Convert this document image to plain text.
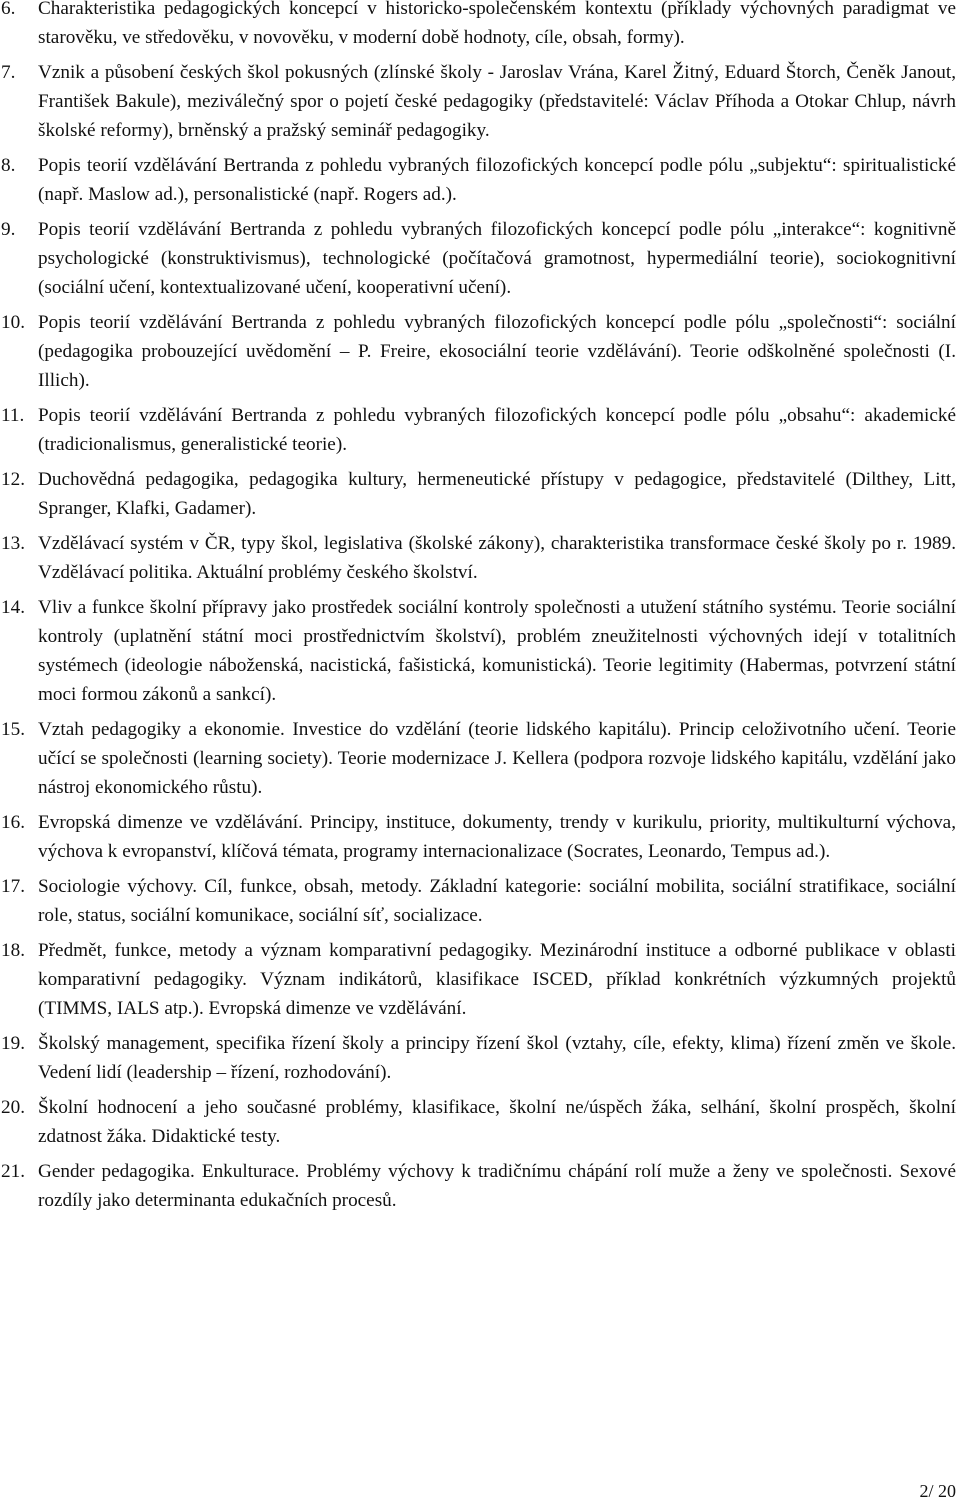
6. Charakteristika pedagogických koncepcí v historicko-společenském kontextu (příklady výchovných paradigmat ve starověku, ve středověku, v novověku, v moderní době hodnoty, cíle, obsah, formy).
7. Vznik a působení českých škol pokusných (zlínské školy - Jaroslav Vrána, Karel Žitný, Eduard Štorch, Čeněk Janout, František Bakule), meziválečný spor o pojetí české pedagogiky (představitelé: Václav Příhoda a Otokar Chlup, návrh školské reformy), brněnský a pražský seminář pedagogiky.
8. Popis teorií vzdělávání Bertranda z pohledu vybraných filozofických koncepcí podle pólu „subjektu“: spiritualistické (např. Maslow ad.), personalistické (např. Rogers ad.).
9. Popis teorií vzdělávání Bertranda z pohledu vybraných filozofických koncepcí podle pólu „interakce“: kognitivně psychologické (konstruktivismus), technologické (počítačová gramotnost, hypermediální teorie), sociokognitivní (sociální učení, kontextualizované učení, kooperativní učení).
10. Popis teorií vzdělávání Bertranda z pohledu vybraných filozofických koncepcí podle pólu „společnosti“: sociální (pedagogika probouzející uvědomění – P. Freire, ekosociální teorie vzdělávání). Teorie odškolněné společnosti (I. Illich).
11. Popis teorií vzdělávání Bertranda z pohledu vybraných filozofických koncepcí podle pólu „obsahu“: akademické (tradicionalismus, generalistické teorie).
12. Duchovědná pedagogika, pedagogika kultury, hermeneutické přístupy v pedagogice, představitelé (Dilthey, Litt, Spranger, Klafki, Gadamer).
13. Vzdělávací systém v ČR, typy škol, legislativa (školské zákony), charakteristika transformace české školy po r. 1989. Vzdělávací politika. Aktuální problémy českého školství.
14. Vliv a funkce školní přípravy jako prostředek sociální kontroly společnosti a utužení státního systému. Teorie sociální kontroly (uplatnění státní moci prostřednictvím školství), problém zneužitelnosti výchovných idejí v totalitních systémech (ideologie náboženská, nacistická, fašistická, komunistická). Teorie legitimity (Habermas, potvrzení státní moci formou zákonů a sankcí).
15. Vztah pedagogiky a ekonomie. Investice do vzdělání (teorie lidského kapitálu). Princip celoživotního učení. Teorie učící se společnosti (learning society). Teorie modernizace J. Kellera (podpora rozvoje lidského kapitálu, vzdělání jako nástroj ekonomického růstu).
16. Evropská dimenze ve vzdělávání. Principy, instituce, dokumenty, trendy v kurikulu, priority, multikulturní výchova, výchova k evropanství, klíčová témata, programy internacionalizace (Socrates, Leonardo, Tempus ad.).
17. Sociologie výchovy. Cíl, funkce, obsah, metody. Základní kategorie: sociální mobilita, sociální stratifikace, sociální role, status, sociální komunikace, sociální síť, socializace.
18. Předmět, funkce, metody a význam komparativní pedagogiky. Mezinárodní instituce a odborné publikace v oblasti komparativní pedagogiky. Význam indikátorů, klasifikace ISCED, příklad konkrétních výzkumných projektů (TIMMS, IALS atp.). Evropská dimenze ve vzdělávání.
19. Školský management, specifika řízení školy a principy řízení škol (vztahy, cíle, efekty, klima) řízení změn ve škole. Vedení lidí (leadership – řízení, rozhodování).
20. Školní hodnocení a jeho současné problémy, klasifikace, školní ne/úspěch žáka, selhání, školní prospěch, školní zdatnost žáka. Didaktické testy.
21. Gender pedagogika. Enkulturace. Problémy výchovy k tradičnímu chápání rolí muže a ženy ve společnosti. Sexové rozdíly jako determinanta edukačních procesů.
2/ 20
